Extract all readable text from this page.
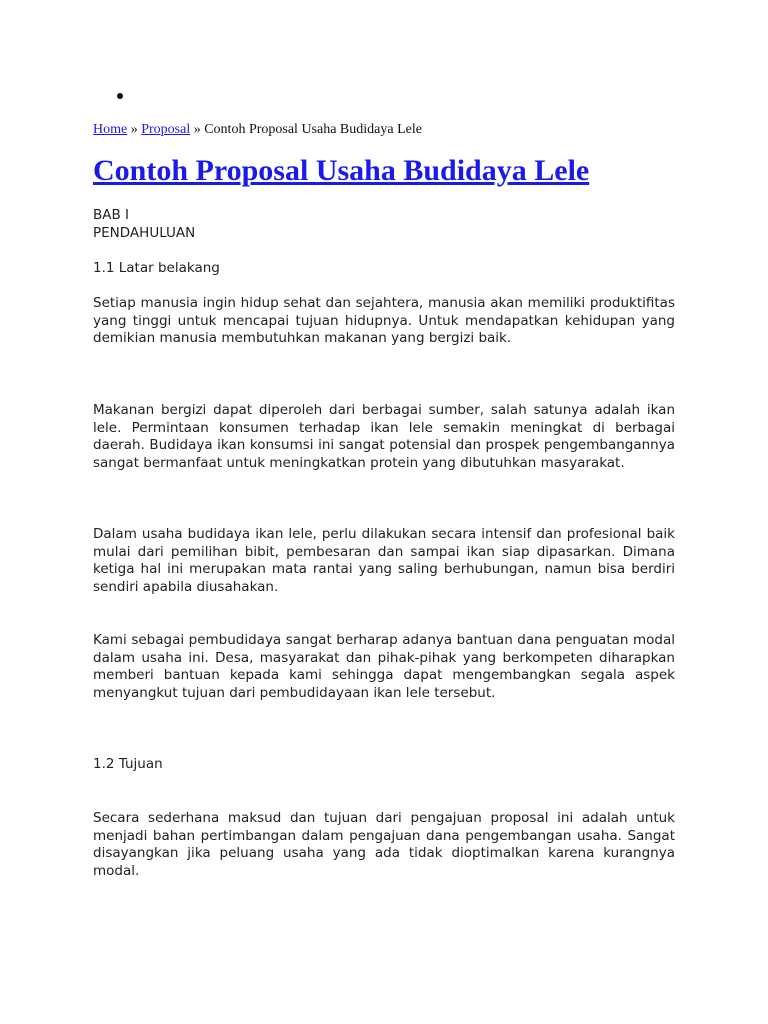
Home » Proposal » Contoh Proposal Usaha Budidaya Lele
Contoh Proposal Usaha Budidaya Lele

BAB I

PENDAHULUAN

1.1 Latar belakang

Setiap manusia ingin hidup sehat dan sejahtera, manusia akan memiliki produktifitas yang tinggi untuk mencapai tujuan hidupnya. Untuk mendapatkan kehidupan yang demikian manusia membutuhkan makanan yang bergizi baik.

Makanan bergizi dapat diperoleh dari berbagai sumber, salah satunya adalah ikan lele. Permintaan konsumen terhadap ikan lele semakin meningkat di berbagai daerah. Budidaya ikan konsumsi ini sangat potensial dan prospek pengembangannya sangat bermanfaat untuk meningkatkan protein yang dibutuhkan masyarakat.

Dalam usaha budidaya ikan lele, perlu dilakukan secara intensif dan profesional baik mulai dari pemilihan bibit, pembesaran dan sampai ikan siap dipasarkan. Dimana ketiga hal ini merupakan mata rantai yang saling berhubungan, namun bisa berdiri sendiri apabila diusahakan.

Kami sebagai pembudidaya sangat berharap adanya bantuan dana penguatan modal dalam usaha ini. Desa, masyarakat dan pihak-pihak yang berkompeten diharapkan memberi bantuan kepada kami sehingga dapat mengembangkan segala aspek menyangkut tujuan dari pembudidayaan ikan lele tersebut.

1.2 Tujuan

Secara sederhana maksud dan tujuan dari pengajuan proposal ini adalah untuk menjadi bahan pertimbangan dalam pengajuan dana pengembangan usaha. Sangat disayangkan jika peluang usaha yang ada tidak dioptimalkan karena kurangnya modal.
